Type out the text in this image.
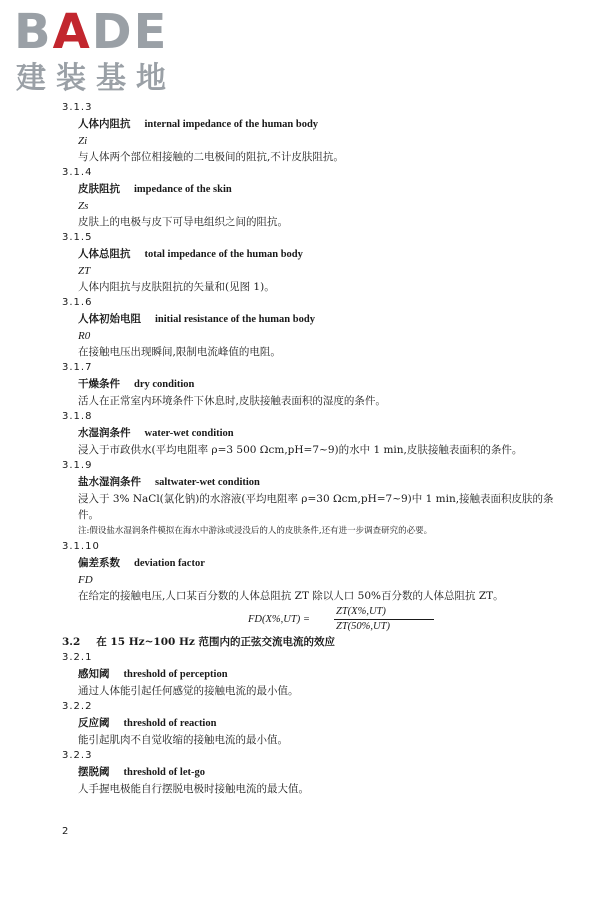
BADE
建装基地
3.1.3
人体内阻抗 internal impedance of the human body
Zi
与人体两个部位相接触的二电极间的阻抗,不计皮肤阻抗。
3.1.4
皮肤阻抗 impedance of the skin
Zs
皮肤上的电极与皮下可导电组织之间的阻抗。
3.1.5
人体总阻抗 total impedance of the human body
ZT
人体内阻抗与皮肤阻抗的矢量和(见图 1)。
3.1.6
人体初始电阻 initial resistance of the human body
R0
在接触电压出现瞬间,限制电流峰值的电阻。
3.1.7
干燥条件 dry condition
活人在正常室内环境条件下休息时,皮肤接触表面积的湿度的条件。
3.1.8
水湿润条件 water-wet condition
浸入于市政供水(平均电阻率 ρ=3 500 Ωcm,pH=7~9)的水中 1 min,皮肤接触表面积的条件。
3.1.9
盐水湿润条件 saltwater-wet condition
浸入于 3% NaCl(氯化钠)的水溶液(平均电阻率 ρ=30 Ωcm,pH=7~9)中 1 min,接触表面积皮肤的条件。
注:假设盐水湿润条件模拟在海水中游泳或浸没后的人的皮肤条件,还有进一步调查研究的必要。
3.1.10
偏差系数 deviation factor
FD
在给定的接触电压,人口某百分数的人体总阻抗 ZT 除以人口 50%百分数的人体总阻抗 ZT。
FD(X%,UT) =
ZT(X%,UT)
ZT(50%,UT)
3.2 在 15 Hz~100 Hz 范围内的正弦交流电流的效应
3.2.1
感知阈 threshold of perception
通过人体能引起任何感觉的接触电流的最小值。
3.2.2
反应阈 threshold of reaction
能引起肌肉不自觉收缩的接触电流的最小值。
3.2.3
摆脱阈 threshold of let-go
人手握电极能自行摆脱电极时接触电流的最大值。
2
